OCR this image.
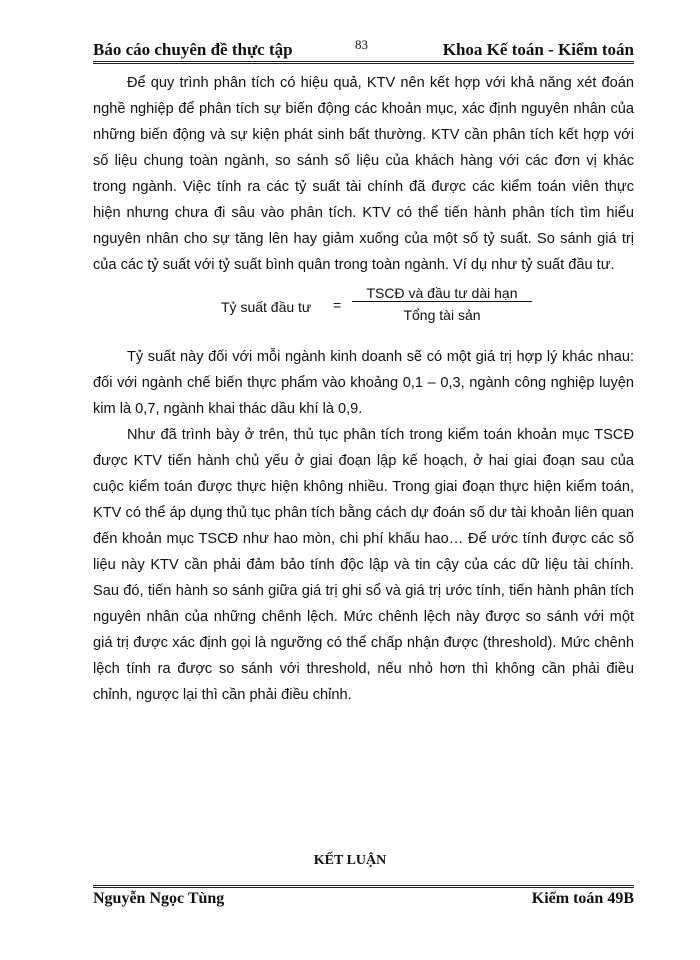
Báo cáo chuyên đề thực tập	83	Khoa Kế toán - Kiểm toán

Để quy trình phân tích có hiệu quả, KTV nên kết hợp với khả năng xét đoán nghề nghiệp để phân tích sự biến động các khoản mục, xác định nguyên nhân của những biến động và sự kiện phát sinh bất thường. KTV cần phân tích kết hợp với số liệu chung toàn ngành, so sánh số liệu của khách hàng với các đơn vị khác trong ngành. Việc tính ra các tỷ suất tài chính đã được các kiểm toán viên thực hiện nhưng chưa đi sâu vào phân tích. KTV có thể tiến hành phân tích tìm hiểu nguyên nhân cho sự tăng lên hay giảm xuống của một số tỷ suất. So sánh giá trị của các tỷ suất với tỷ suất bình quân trong toàn ngành. Ví dụ như tỷ suất đầu tư.

Tỷ suất đầu tư =
TSCĐ và đầu tư dài hạn
Tổng tài sản

Tỷ suất này đối với mỗi ngành kinh doanh sẽ có một giá trị hợp lý khác nhau: đối với ngành chế biến thực phẩm vào khoảng 0,1 – 0,3, ngành công nghiệp luyện kim là 0,7, ngành khai thác dầu khí là 0,9.

Như đã trình bày ở trên, thủ tục phân tích trong kiểm toán khoản mục TSCĐ được KTV tiến hành chủ yếu ở giai đoạn lập kế hoạch, ở hai giai đoạn sau của cuộc kiểm toán được thực hiện không nhiều. Trong giai đoạn thực hiện kiểm toán, KTV có thể áp dụng thủ tục phân tích bằng cách dự đoán số dư tài khoản liên quan đến khoản mục TSCĐ như hao mòn, chi phí khấu hao… Để ước tính được các số liệu này KTV cần phải đảm bảo tính độc lập và tin cậy của các dữ liệu tài chính. Sau đó, tiến hành so sánh giữa giá trị ghi sổ và giá trị ước tính, tiến hành phân tích nguyên nhân của những chênh lệch. Mức chênh lệch này được so sánh với một giá trị được xác định gọi là ngưỡng có thể chấp nhận được (threshold). Mức chênh lệch tính ra được so sánh với threshold, nếu nhỏ hơn thì không cần phải điều chỉnh, ngược lại thì cần phải điều chỉnh.

KẾT LUẬN
Nguyễn Ngọc Tùng	Kiểm toán 49B
